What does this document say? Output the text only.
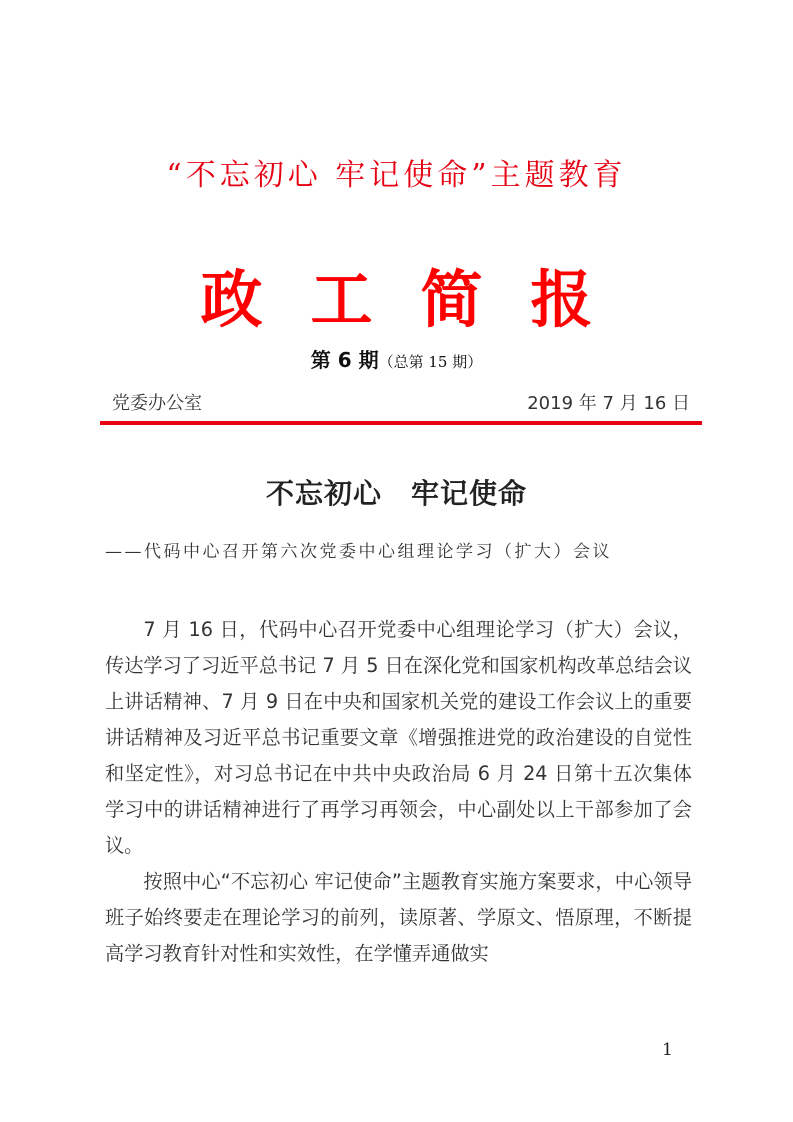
“不忘初心 牢记使命”主题教育
政 工 简 报
第 6 期（总第 15 期）
党委办公室	2019 年 7 月 16 日
不忘初心　牢记使命
——代码中心召开第六次党委中心组理论学习（扩大）会议

7 月 16 日，代码中心召开党委中心组理论学习（扩大）会议，传达学习了习近平总书记 7 月 5 日在深化党和国家机构改革总结会议上讲话精神、7 月 9 日在中央和国家机关党的建设工作会议上的重要讲话精神及习近平总书记重要文章《增强推进党的政治建设的自觉性和坚定性》，对习总书记在中共中央政治局 6 月 24 日第十五次集体学习中的讲话精神进行了再学习再领会，中心副处以上干部参加了会议。

按照中心“不忘初心 牢记使命”主题教育实施方案要求，中心领导班子始终要走在理论学习的前列，读原著、学原文、悟原理，不断提高学习教育针对性和实效性，在学懂弄通做实

1
